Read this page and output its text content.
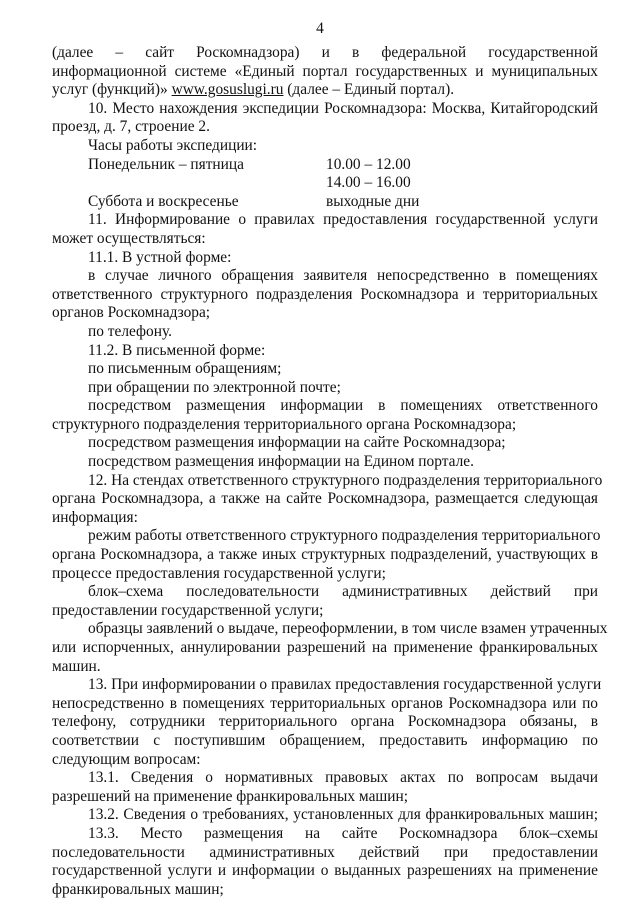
4
(далее – сайт Роскомнадзора) и в федеральной государственной
информационной системе «Единый портал государственных и муниципальных
услуг (функций)» www.gosuslugi.ru (далее – Единый портал).
10. Место нахождения экспедиции Роскомнадзора: Москва, Китайгородский
проезд, д. 7, строение 2.
Часы работы экспедиции:
Понедельник – пятница	10.00 – 12.00
14.00 – 16.00
Суббота и воскресенье	выходные дни
11. Информирование о правилах предоставления государственной услуги
может осуществляться:
11.1. В устной форме:
в случае личного обращения заявителя непосредственно в помещениях
ответственного структурного подразделения Роскомнадзора и территориальных
органов Роскомнадзора;
по телефону.
11.2. В письменной форме:
по письменным обращениям;
при обращении по электронной почте;
посредством размещения информации в помещениях ответственного
структурного подразделения территориального органа Роскомнадзора;
посредством размещения информации на сайте Роскомнадзора;
посредством размещения информации на Едином портале.
12. На стендах ответственного структурного подразделения территориального
органа Роскомнадзора, а также на сайте Роскомнадзора, размещается следующая
информация:
режим работы ответственного структурного подразделения территориального
органа Роскомнадзора, а также иных структурных подразделений, участвующих в
процессе предоставления государственной услуги;
блок–схема последовательности административных действий при
предоставлении государственной услуги;
образцы заявлений о выдаче, переоформлении, в том числе взамен утраченных
или испорченных, аннулировании разрешений на применение франкировальных
машин.
13. При информировании о правилах предоставления государственной услуги
непосредственно в помещениях территориальных органов Роскомнадзора или по
телефону, сотрудники территориального органа Роскомнадзора обязаны, в
соответствии с поступившим обращением, предоставить информацию по
следующим вопросам:
13.1. Сведения о нормативных правовых актах по вопросам выдачи
разрешений на применение франкировальных машин;
13.2. Сведения о требованиях, установленных для франкировальных машин;
13.3. Место размещения на сайте Роскомнадзора блок–схемы
последовательности административных действий при предоставлении
государственной услуги и информации о выданных разрешениях на применение
франкировальных машин;
